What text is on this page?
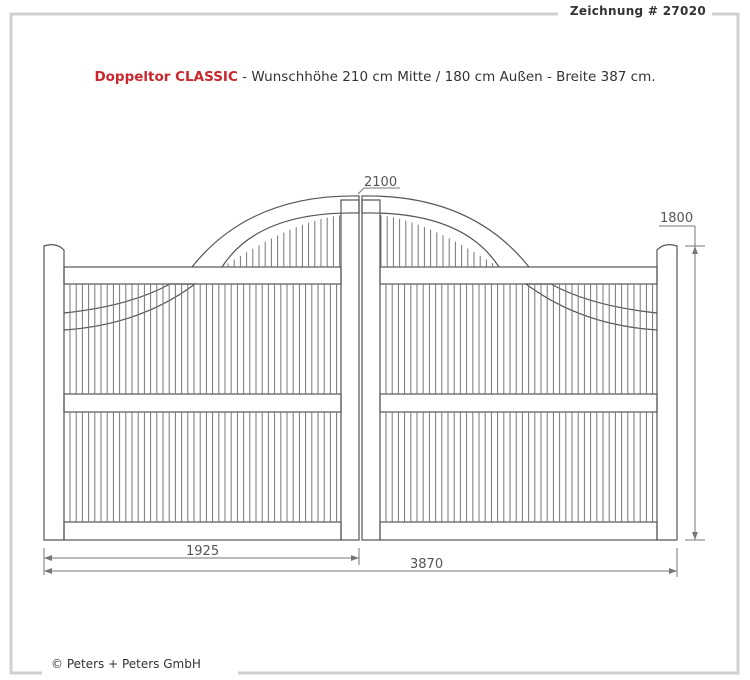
Zeichnung # 27020
Doppeltor CLASSIC - Wunschhöhe 210 cm Mitte / 180 cm Außen - Breite 387 cm.
2100
1800
1925
3870
© Peters + Peters GmbH
